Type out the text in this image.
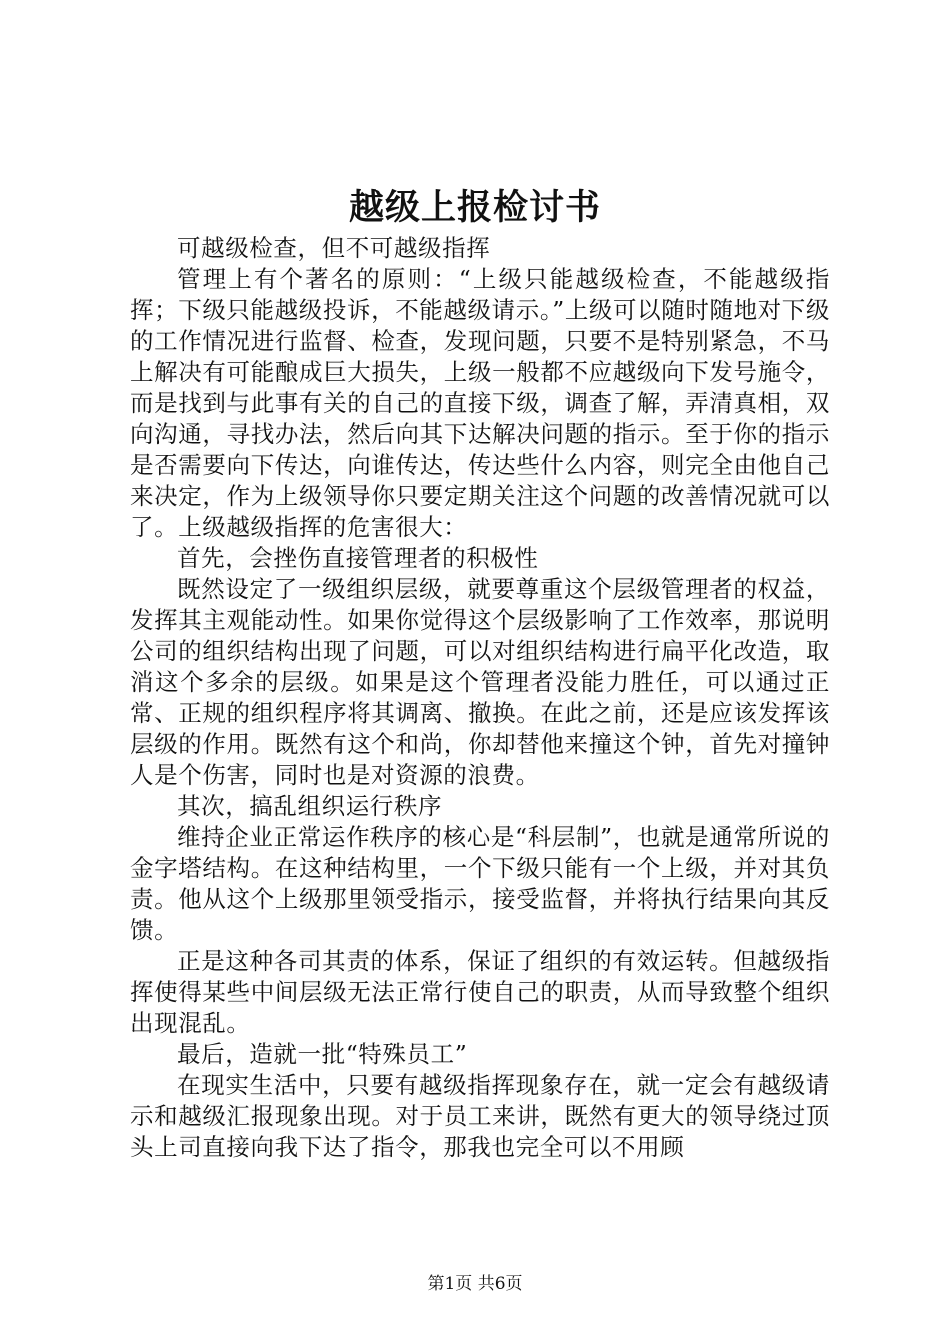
越级上报检讨书

可越级检查，但不可越级指挥

管理上有个著名的原则：“上级只能越级检查，不能越级指挥；下级只能越级投诉，不能越级请示。”上级可以随时随地对下级的工作情况进行监督、检查，发现问题，只要不是特别紧急，不马上解决有可能酿成巨大损失，上级一般都不应越级向下发号施令，而是找到与此事有关的自己的直接下级，调查了解，弄清真相，双向沟通，寻找办法，然后向其下达解决问题的指示。至于你的指示是否需要向下传达，向谁传达，传达些什么内容，则完全由他自己来决定，作为上级领导你只要定期关注这个问题的改善情况就可以了。上级越级指挥的危害很大：

首先，会挫伤直接管理者的积极性

既然设定了一级组织层级，就要尊重这个层级管理者的权益，发挥其主观能动性。如果你觉得这个层级影响了工作效率，那说明公司的组织结构出现了问题，可以对组织结构进行扁平化改造，取消这个多余的层级。如果是这个管理者没能力胜任，可以通过正常、正规的组织程序将其调离、撤换。在此之前，还是应该发挥该层级的作用。既然有这个和尚，你却替他来撞这个钟，首先对撞钟人是个伤害，同时也是对资源的浪费。

其次，搞乱组织运行秩序

维持企业正常运作秩序的核心是“科层制”，也就是通常所说的金字塔结构。在这种结构里，一个下级只能有一个上级，并对其负责。他从这个上级那里领受指示，接受监督，并将执行结果向其反馈。

正是这种各司其责的体系，保证了组织的有效运转。但越级指挥使得某些中间层级无法正常行使自己的职责，从而导致整个组织出现混乱。

最后，造就一批“特殊员工”

在现实生活中，只要有越级指挥现象存在，就一定会有越级请示和越级汇报现象出现。对于员工来讲，既然有更大的领导绕过顶头上司直接向我下达了指令，那我也完全可以不用顾

第1页 共6页
